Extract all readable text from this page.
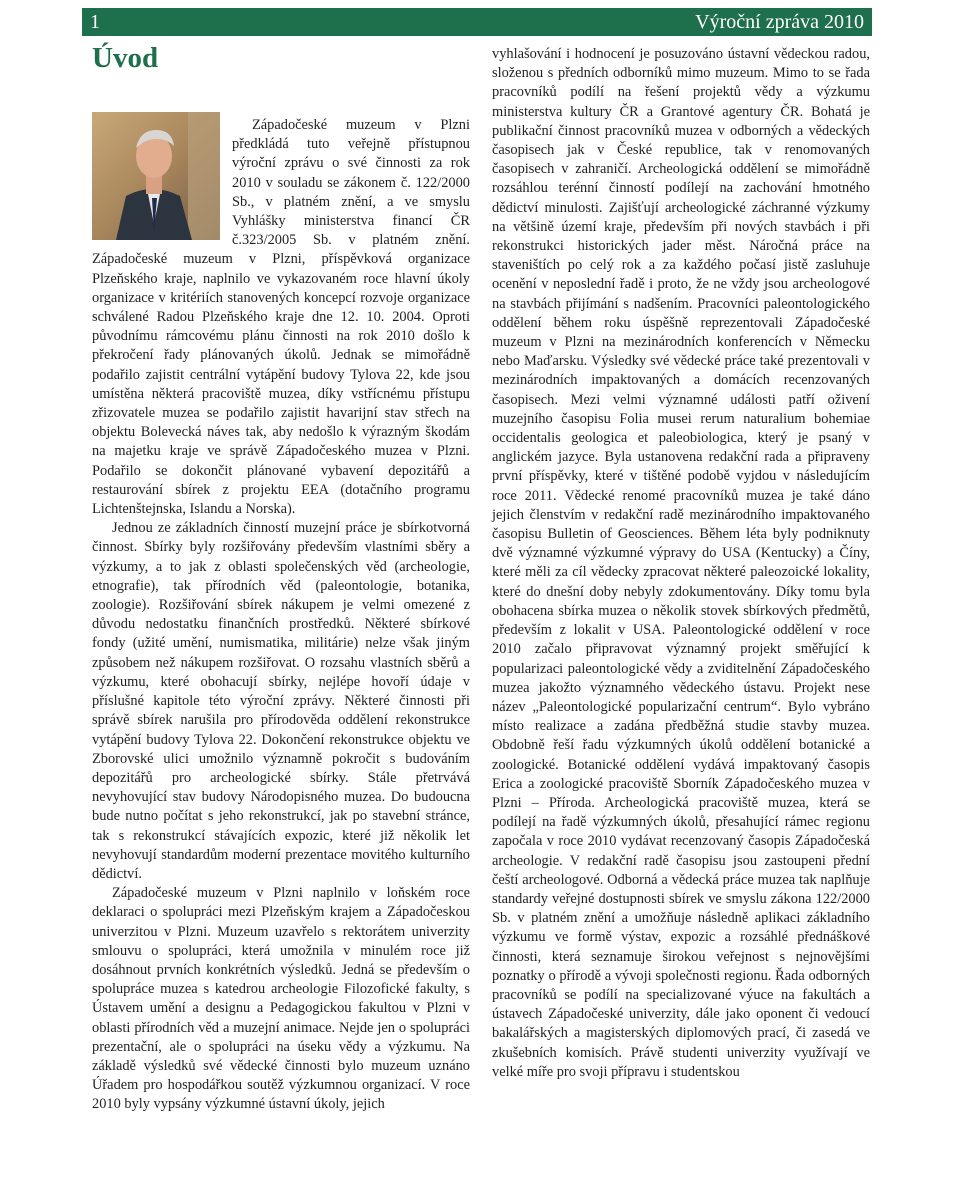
1	Výroční zpráva 2010
Úvod

Západočeské muzeum v Plzni předkládá tuto veřejně přístupnou výroční zprávu o své činnosti za rok 2010 v souladu se zákonem č. 122/2000 Sb., v platném znění, a ve smyslu Vyhlášky ministerstva financí ČR č.323/2005 Sb. v platném znění. Západočeské muzeum v Plzni, příspěvková organizace Plzeňského kraje, naplnilo ve vykazovaném roce hlavní úkoly organizace v kritériích stanovených koncepcí rozvoje organizace schválené Radou Plzeňského kraje dne 12. 10. 2004. Oproti původnímu rámcovému plánu činnosti na rok 2010 došlo k překročení řady plánovaných úkolů. Jednak se mimořádně podařilo zajistit centrální vytápění budovy Tylova 22, kde jsou umístěna některá pracoviště muzea, díky vstřícnému přístupu zřizovatele muzea se podařilo zajistit havarijní stav střech na objektu Bolevecká náves tak, aby nedošlo k výrazným škodám na majetku kraje ve správě Západočeského muzea v Plzni. Podařilo se dokončit plánované vybavení depozitářů a restaurování sbírek z projektu EEA (dotačního programu Lichtenštejnska, Islandu a Norska).

Jednou ze základních činností muzejní práce je sbírkotvorná činnost. Sbírky byly rozšiřovány především vlastními sběry a výzkumy, a to jak z oblasti společenských věd (archeologie, etnografie), tak přírodních věd (paleontologie, botanika, zoologie). Rozšiřování sbírek nákupem je velmi omezené z důvodu nedostatku finančních prostředků. Některé sbírkové fondy (užité umění, numismatika, militárie) nelze však jiným způsobem než nákupem rozšiřovat. O rozsahu vlastních sběrů a výzkumu, které obohacují sbírky, nejlépe hovoří údaje v příslušné kapitole této výroční zprávy. Některé činnosti při správě sbírek narušila pro přírodověda oddělení rekonstrukce vytápění budovy Tylova 22. Dokončení rekonstrukce objektu ve Zborovské ulici umožnilo významně pokročit s budováním depozitářů pro archeologické sbírky. Stále přetrvává nevyhovující stav budovy Národopisného muzea. Do budoucna bude nutno počítat s jeho rekonstrukcí, jak po stavební stránce, tak s rekonstrukcí stávajících expozic, které již několik let nevyhovují standardům moderní prezentace movitého kulturního dědictví.

Západočeské muzeum v Plzni naplnilo v loňském roce deklaraci o spolupráci mezi Plzeňským krajem a Západočeskou univerzitou v Plzni. Muzeum uzavřelo s rektorátem univerzity smlouvu o spolupráci, která umožnila v minulém roce již dosáhnout prvních konkrétních výsledků. Jedná se především o spolupráce muzea s katedrou archeologie Filozofické fakulty, s Ústavem umění a designu a Pedagogickou fakultou v Plzni v oblasti přírodních věd a muzejní animace. Nejde jen o spolupráci prezentační, ale o spolupráci na úseku vědy a výzkumu. Na základě výsledků své vědecké činnosti bylo muzeum uznáno Úřadem pro hospodářkou soutěž výzkumnou organizací. V roce 2010 byly vypsány výzkumné ústavní úkoly, jejich

vyhlašování i hodnocení je posuzováno ústavní vědeckou radou, složenou s předních odborníků mimo muzeum. Mimo to se řada pracovníků podílí na řešení projektů vědy a výzkumu ministerstva kultury ČR a Grantové agentury ČR. Bohatá je publikační činnost pracovníků muzea v odborných a vědeckých časopisech jak v České republice, tak v renomovaných časopisech v zahraničí. Archeologická oddělení se mimořádně rozsáhlou terénní činností podílejí na zachování hmotného dědictví minulosti. Zajišťují archeologické záchranné výzkumy na většině území kraje, především při nových stavbách i při rekonstrukci historických jader měst. Náročná práce na staveništích po celý rok a za každého počasí jistě zasluhuje ocenění v neposlední řadě i proto, že ne vždy jsou archeologové na stavbách přijímání s nadšením. Pracovníci paleontologického oddělení během roku úspěšně reprezentovali Západočeské muzeum v Plzni na mezinárodních konferencích v Německu nebo Maďarsku. Výsledky své vědecké práce také prezentovali v mezinárodních impaktovaných a domácích recenzovaných časopisech. Mezi velmi významné události patří oživení muzejního časopisu Folia musei rerum naturalium bohemiae occidentalis geologica et paleobiologica, který je psaný v anglickém jazyce. Byla ustanovena redakční rada a připraveny první příspěvky, které v tištěné podobě vyjdou v následujícím roce 2011. Vědecké renomé pracovníků muzea je také dáno jejich členstvím v redakční radě mezinárodního impaktovaného časopisu Bulletin of Geosciences. Během léta byly podniknuty dvě významné výzkumné výpravy do USA (Kentucky) a Číny, které měli za cíl vědecky zpracovat některé paleozoické lokality, které do dnešní doby nebyly zdokumentovány. Díky tomu byla obohacena sbírka muzea o několik stovek sbírkových předmětů, především z lokalit v USA. Paleontologické oddělení v roce 2010 začalo připravovat významný projekt směřující k popularizaci paleontologické vědy a zviditelnění Západočeského muzea jakožto významného vědeckého ústavu. Projekt nese název „Paleontologické popularizační centrum“. Bylo vybráno místo realizace a zadána předběžná studie stavby muzea. Obdobně řeší řadu výzkumných úkolů oddělení botanické a zoologické. Botanické oddělení vydává impaktovaný časopis Erica a zoologické pracoviště Sborník Západočeského muzea v Plzni – Příroda. Archeologická pracoviště muzea, která se podílejí na řadě výzkumných úkolů, přesahující rámec regionu započala v roce 2010 vydávat recenzovaný časopis Západočeská archeologie. V redakční radě časopisu jsou zastoupeni přední čeští archeologové. Odborná a vědecká práce muzea tak naplňuje standardy veřejné dostupnosti sbírek ve smyslu zákona 122/2000 Sb. v platném znění a umožňuje následně aplikaci základního výzkumu ve formě výstav, expozic a rozsáhlé přednáškové činnosti, která seznamuje širokou veřejnost s nejnovějšími poznatky o přírodě a vývoji společnosti regionu. Řada odborných pracovníků se podílí na specializované výuce na fakultách a ústavech Západočeské univerzity, dále jako oponent či vedoucí bakalářských a magisterských diplomových prací, či zasedá ve zkušebních komisích. Právě studenti univerzity využívají ve velké míře pro svoji přípravu i studentskou
